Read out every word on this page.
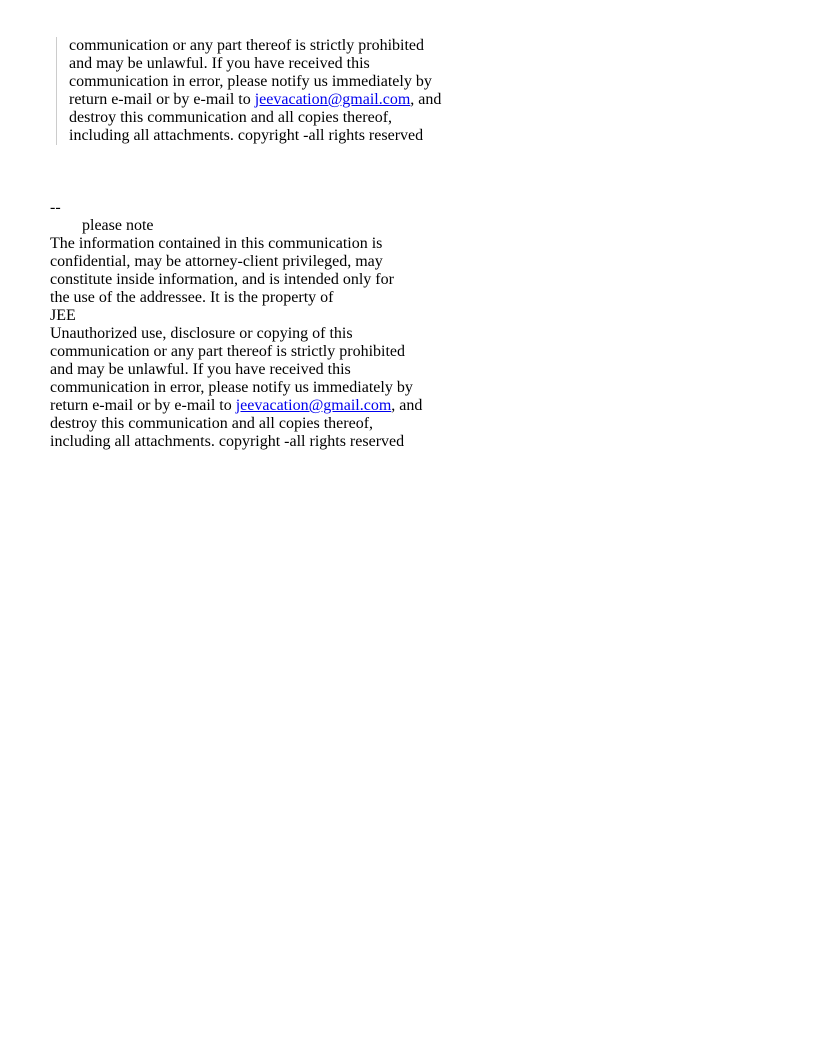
communication or any part thereof is strictly prohibited
and may be unlawful. If you have received this
communication in error, please notify us immediately by
return e-mail or by e-mail to jeevacation@gmail.com, and
destroy this communication and all copies thereof,
including all attachments. copyright -all rights reserved
--
please note
The information contained in this communication is
confidential, may be attorney-client privileged, may
constitute inside information, and is intended only for
the use of the addressee. It is the property of
JEE
Unauthorized use, disclosure or copying of this
communication or any part thereof is strictly prohibited
and may be unlawful. If you have received this
communication in error, please notify us immediately by
return e-mail or by e-mail to jeevacation@gmail.com, and
destroy this communication and all copies thereof,
including all attachments. copyright -all rights reserved
